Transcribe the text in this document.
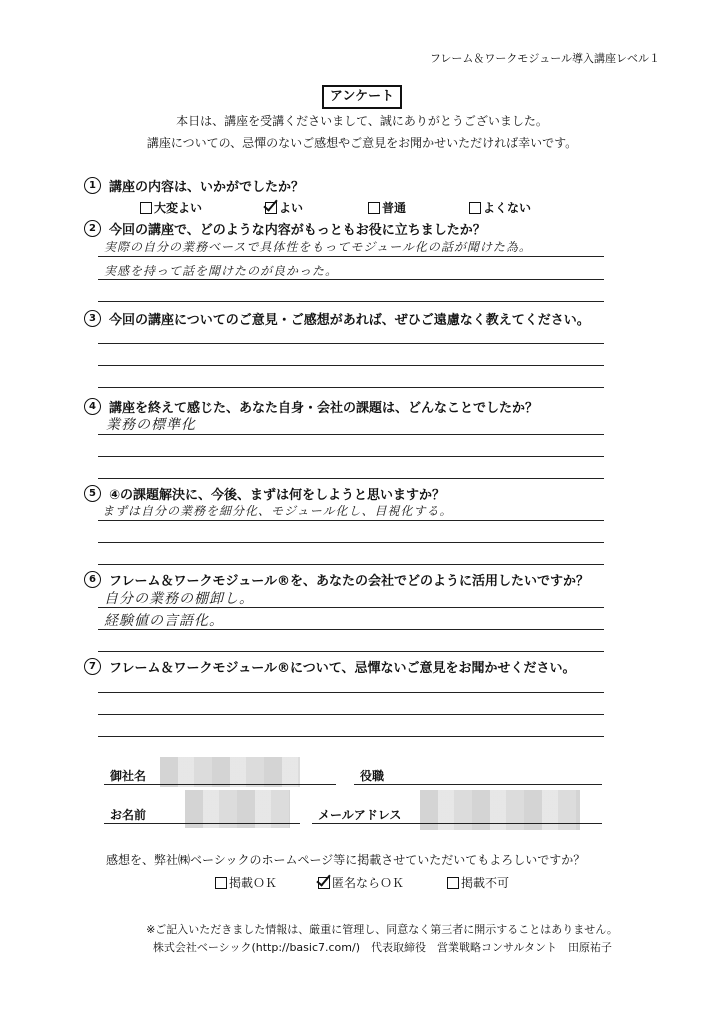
フレーム＆ワークモジュール導入講座レベル１
アンケート
本日は、講座を受講くださいまして、誠にありがとうございました。
講座についての、忌憚のないご感想やご意見をお聞かせいただければ幸いです。
1	講座の内容は、いかがでしたか？
大変よい	よい	普通	よくない
2	今回の講座で、どのような内容がもっともお役に立ちましたか？
実際の自分の業務ベースで具体性をもってモジュール化の話が聞けた為。
実感を持って話を聞けたのが良かった。
3	今回の講座についてのご意見・ご感想があれば、ぜひご遠慮なく教えてください。
4	講座を終えて感じた、あなた自身・会社の課題は、どんなことでしたか？
業務の標準化
5	④の課題解決に、今後、まずは何をしようと思いますか？
まずは自分の業務を細分化、モジュール化し、目視化する。
6	フレーム＆ワークモジュール®を、あなたの会社でどのように活用したいですか？
自分の業務の棚卸し。
経験値の言語化。
7	フレーム＆ワークモジュール®について、忌憚ないご意見をお聞かせください。
御社名	役職
お名前	メールアドレス
感想を、弊社㈱ベーシックのホームページ等に掲載させていただいてもよろしいですか？
掲載ＯＫ	匿名ならＯＫ	掲載不可
※ご記入いただきました情報は、厳重に管理し、同意なく第三者に開示することはありません。
株式会社ベーシック(http://basic7.com/)　代表取締役　営業戦略コンサルタント　田原祐子
